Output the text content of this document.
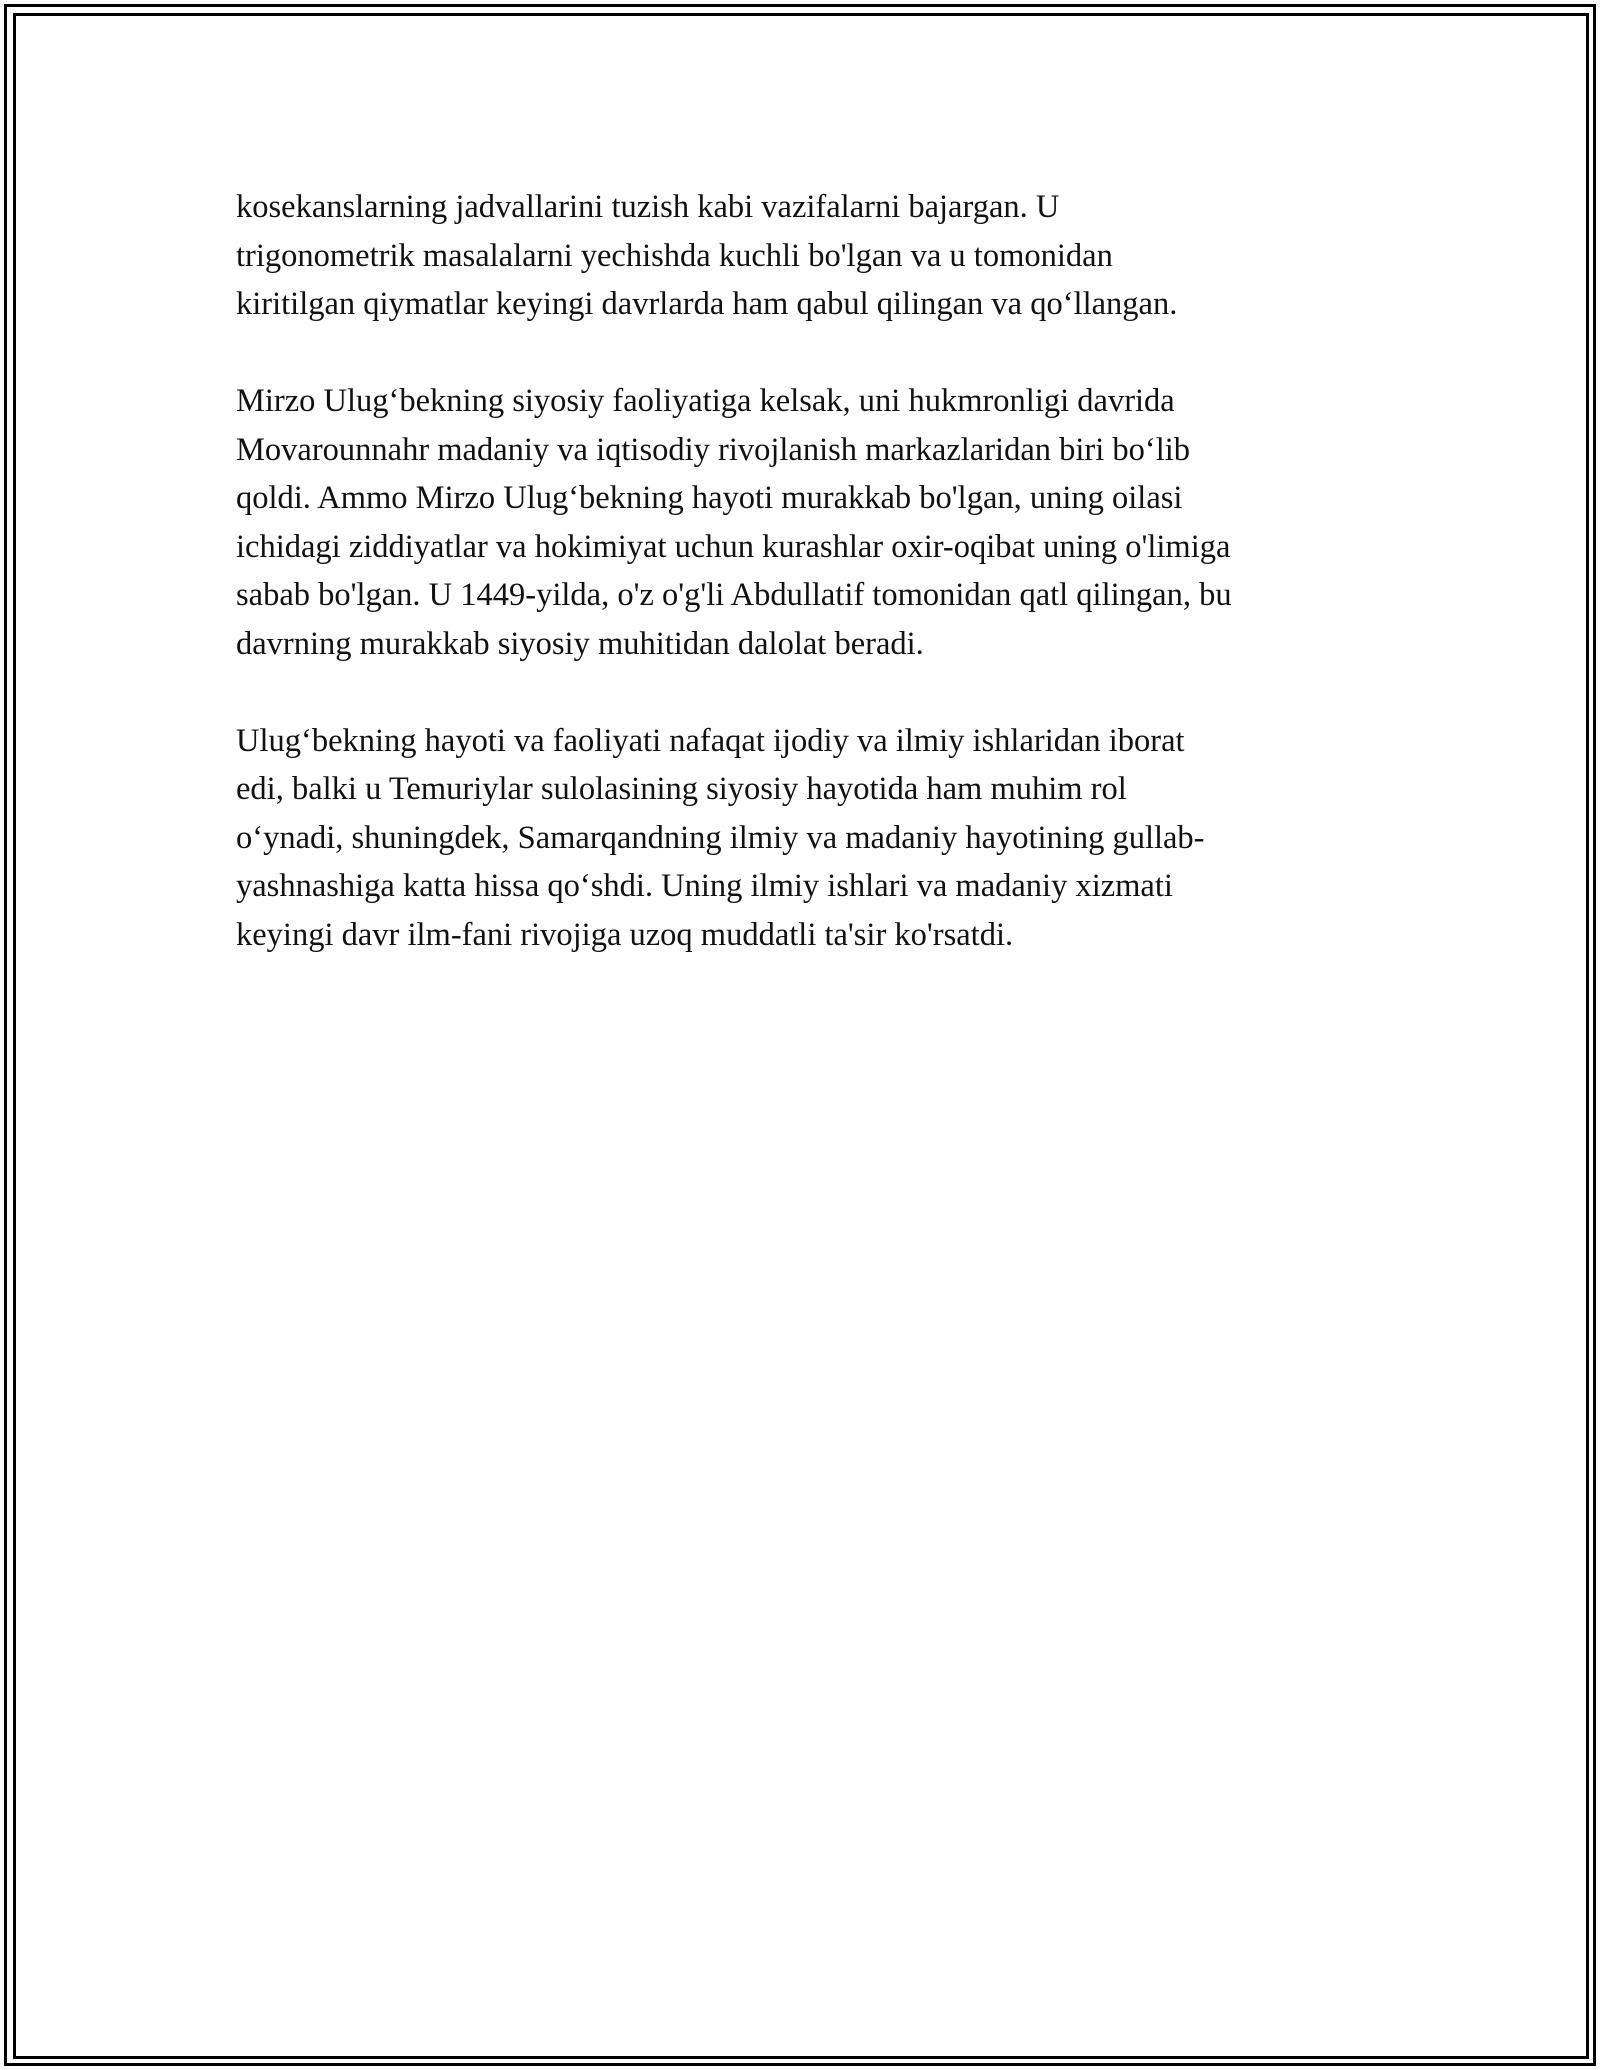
kosekanslarning jadvallarini tuzish kabi vazifalarni bajargan. U
trigonometrik masalalarni yechishda kuchli bo'lgan va u tomonidan
kiritilgan qiymatlar keyingi davrlarda ham qabul qilingan va qo‘llangan.

Mirzo Ulug‘bekning siyosiy faoliyatiga kelsak, uni hukmronligi davrida
Movarounnahr madaniy va iqtisodiy rivojlanish markazlaridan biri bo‘lib
qoldi. Ammo Mirzo Ulug‘bekning hayoti murakkab bo'lgan, uning oilasi
ichidagi ziddiyatlar va hokimiyat uchun kurashlar oxir-oqibat uning o'limiga
sabab bo'lgan. U 1449-yilda, o'z o'g'li Abdullatif tomonidan qatl qilingan, bu
davrning murakkab siyosiy muhitidan dalolat beradi.

Ulug‘bekning hayoti va faoliyati nafaqat ijodiy va ilmiy ishlaridan iborat
edi, balki u Temuriylar sulolasining siyosiy hayotida ham muhim rol
o‘ynadi, shuningdek, Samarqandning ilmiy va madaniy hayotining gullab-
yashnashiga katta hissa qo‘shdi. Uning ilmiy ishlari va madaniy xizmati
keyingi davr ilm-fani rivojiga uzoq muddatli ta'sir ko'rsatdi.
